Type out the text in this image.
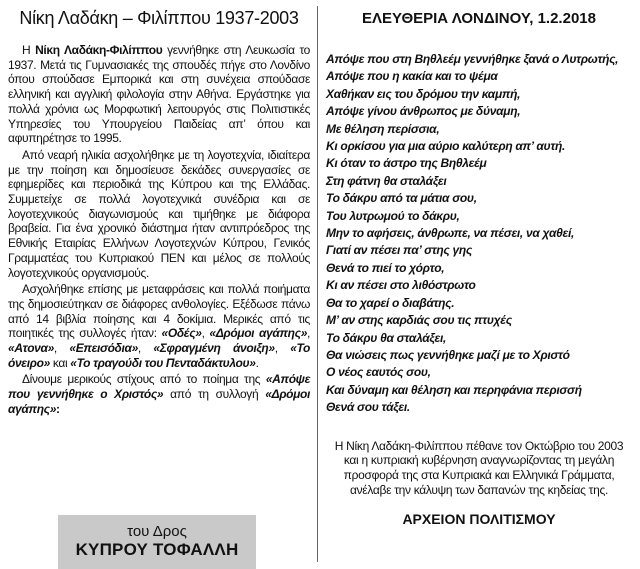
Νίκη Λαδάκη – Φιλίππου 1937-2003

Η Νίκη Λαδάκη-Φιλίππου γεννήθηκε στη Λευκωσία το 1937. Μετά τις Γυμνασιακές της σπουδές πήγε στο Λονδίνο όπου σπούδασε Εμπορικά και στη συνέχεια σπούδασε ελληνική και αγγλική φιλολογία στην Αθήνα. Εργάστηκε για πολλά χρόνια ως Μορφωτική λειτουργός στις Πολιτιστικές Υπηρεσίες του Υπουργείου Παιδείας απ’ όπου και αφυπηρέτησε το 1995.

Από νεαρή ηλικία ασχολήθηκε με τη λογοτεχνία, ιδιαίτερα με την ποίηση και δημοσίευσε δεκάδες συνεργασίες σε εφημερίδες και περιοδικά της Κύπρου και της Ελλάδας. Συμμετείχε σε πολλά λογοτεχνικά συνέδρια και σε λογοτεχνικούς διαγωνισμούς και τιμήθηκε με διάφορα βραβεία. Για ένα χρονικό διάστημα ήταν αντιπρόεδρος της Εθνικής Εταιρίας Ελλήνων Λογοτεχνών Κύπρου, Γενικός Γραμματέας του Κυπριακού ΠΕΝ και μέλος σε πολλούς λογοτεχνικούς οργανισμούς.

Ασχολήθηκε επίσης με μεταφράσεις και πολλά ποιήματα της δημοσιεύτηκαν σε διάφορες ανθολογίες. Εξέδωσε πάνω από 14 βιβλία ποίησης και 4 δοκίμια. Μερικές από τις ποιητικές της συλλογές ήταν: «Οδές», «Δρόμοι αγάπης», «Ατονα», «Επεισόδια», «Σφραγμένη άνοιξη», «Το όνειρο» και «Το τραγούδι του Πενταδάκτυλου».

Δίνουμε μερικούς στίχους από το ποίημα της «Απόψε που γεννήθηκε ο Χριστός» από τη συλλογή «Δρόμοι αγάπης»:

του Δρος
ΚΥΠΡΟΥ ΤΟΦΑΛΛΗ
ΕΛΕΥΘΕΡΙΑ ΛΟΝΔΙΝΟΥ, 1.2.2018
Απόψε που στη Βηθλεέμ γεννήθηκε ξανά ο Λυτρωτής,
Απόψε που η κακία και το ψέμα
Χαθήκαν εις του δρόμου την καμπή,
Απόψε γίνου άνθρωπος με δύναμη,
Με θέληση περίσσια,
Κι ορκίσου για μια αύριο καλύτερη απ’ αυτή.
Κι όταν το άστρο της Βηθλεέμ
Στη φάτνη θα σταλάξει
Το δάκρυ από τα μάτια σου,
Του λυτρωμού το δάκρυ,
Μην το αφήσεις, άνθρωπε, να πέσει, να χαθεί,
Γιατί αν πέσει πα’ στης γης
Θενά το πιεί το χόρτο,
Κι αν πέσει στο λιθόστρωτο
Θα το χαρεί ο διαβάτης.
Μ’ αν στης καρδιάς σου τις πτυχές
Το δάκρυ θα σταλάξει,
Θα νιώσεις πως γεννήθηκε μαζί με το Χριστό
Ο νέος εαυτός σου,
Και δύναμη και θέληση και περηφάνια περισσή
Θενά σου τάξει.

Η Νίκη Λαδάκη-Φιλίππου πέθανε τον Οκτώβριο του 2003 και η κυπριακή κυβέρνηση αναγνωρίζοντας τη μεγάλη προσφορά της στα Κυπριακά και Ελληνικά Γράμματα, ανέλαβε την κάλυψη των δαπανών της κηδείας της.

ΑΡΧΕΙΟΝ ΠΟΛΙΤΙΣΜΟΥ
